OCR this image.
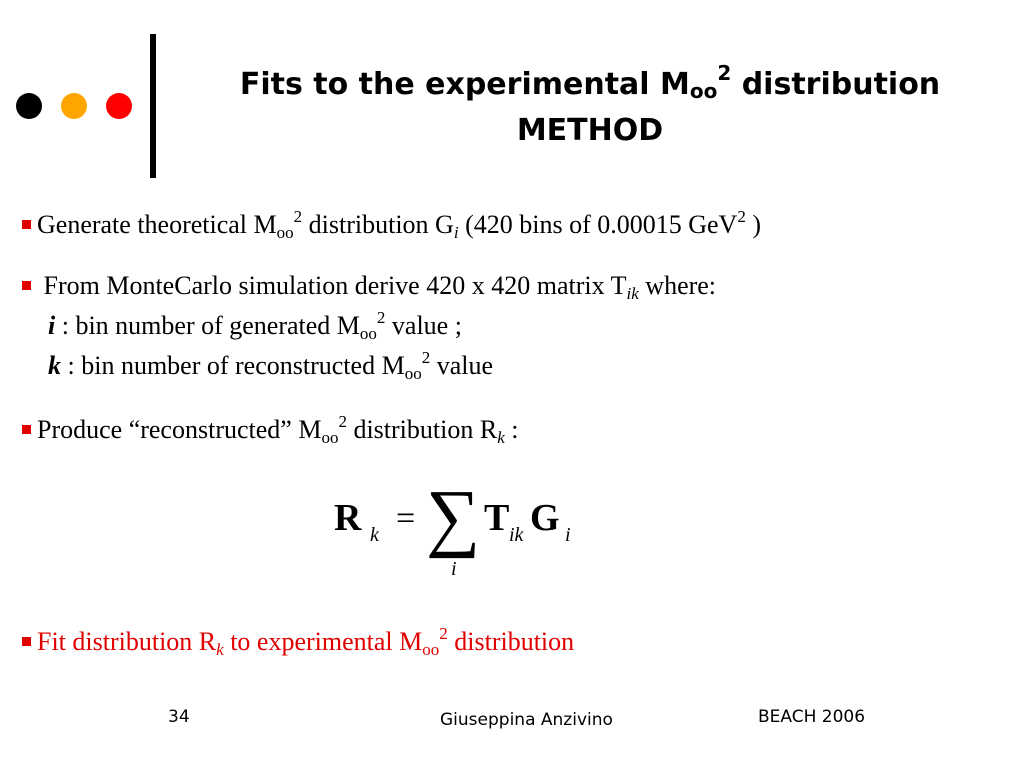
Fits to the experimental $M_{oo}^2$ distribution
METHOD
Generate theoretical $M_{oo}^2$ distribution $G_i$ (420 bins of 0.00015 GeV$^2$ )
From MonteCarlo simulation derive 420 x 420 matrix $T_{ik}$ where:
i : bin number of generated $M_{oo}^2$ value ;
k : bin number of reconstructed $M_{oo}^2$ value
Produce “reconstructed” $M_{oo}^2$ distribution $R_k$ :
R k = ∑
i
T ik G i
Fit distribution $R_k$ to experimental $M_{oo}^2$ distribution
34	Giuseppina Anzivino	BEACH 2006
